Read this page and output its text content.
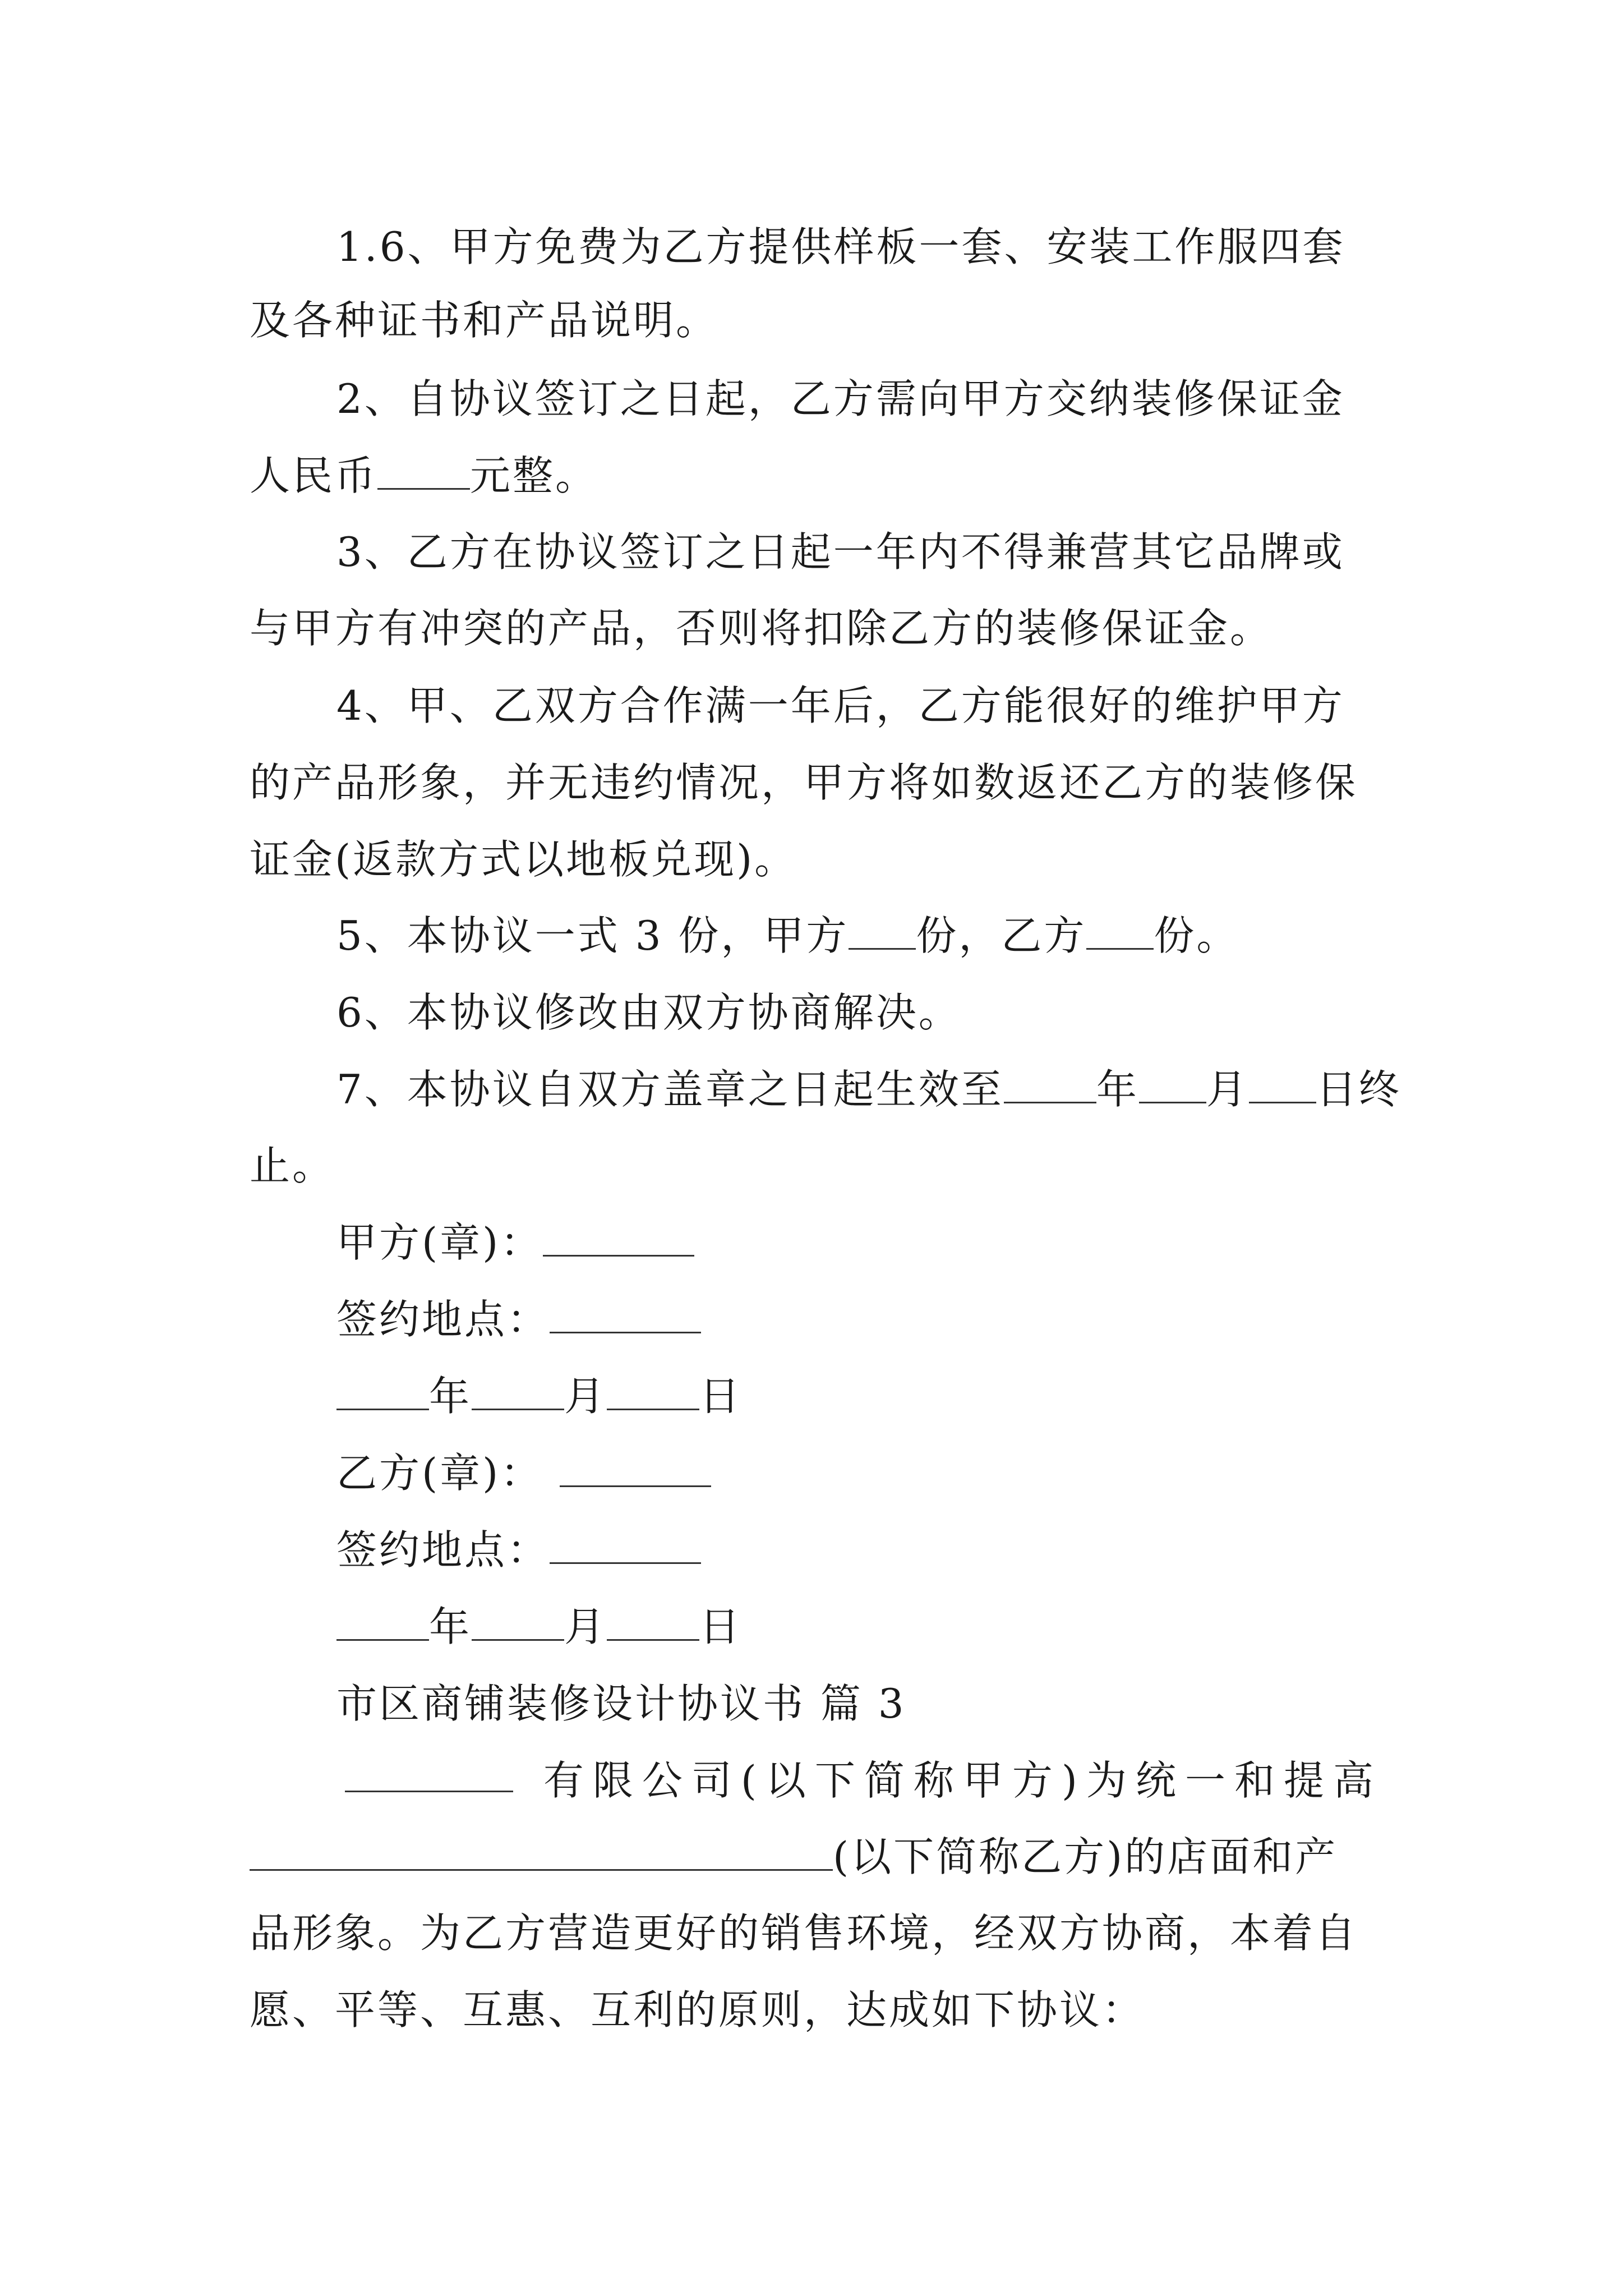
1.6、甲方免费为乙方提供样板一套、安装工作服四套
及各种证书和产品说明。
2、自协议签订之日起，乙方需向甲方交纳装修保证金
人民币 元整。
3、乙方在协议签订之日起一年内不得兼营其它品牌或
与甲方有冲突的产品，否则将扣除乙方的装修保证金。
4、甲、乙双方合作满一年后，乙方能很好的维护甲方
的产品形象，并无违约情况，甲方将如数返还乙方的装修保
证金(返款方式以地板兑现)。
5、本协议一式 3 份，甲方 份，乙方 份。
6、本协议修改由双方协商解决。
7、本协议自双方盖章之日起生效至 年 月 日终
止。
甲方(章)：
签约地点：
年 月 日
乙方(章)：
签约地点：
年 月 日
市区商铺装修设计协议书 篇 3
有限公司(以下简称甲方)为统一和提高
(以下简称乙方)的店面和产
品形象。为乙方营造更好的销售环境，经双方协商，本着自
愿、平等、互惠、互利的原则，达成如下协议：
